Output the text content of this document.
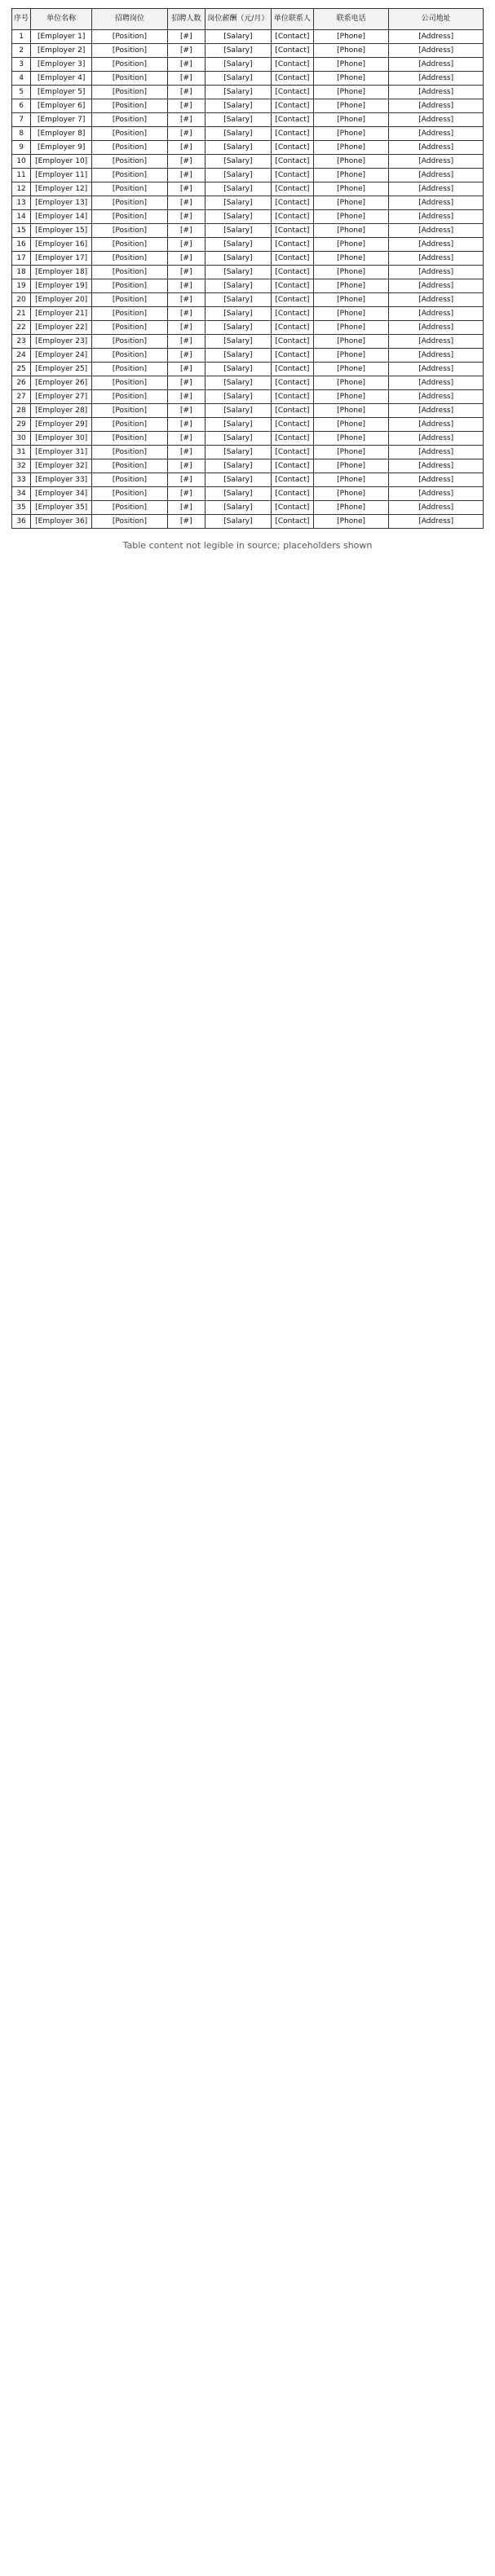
序号	单位名称	招聘岗位	招聘人数	岗位薪酬（元/月）	单位联系人	联系电话	公司地址
1	[Employer 1]	[Position]	[#]	[Salary]	[Contact]	[Phone]	[Address]
2	[Employer 2]	[Position]	[#]	[Salary]	[Contact]	[Phone]	[Address]
3	[Employer 3]	[Position]	[#]	[Salary]	[Contact]	[Phone]	[Address]
4	[Employer 4]	[Position]	[#]	[Salary]	[Contact]	[Phone]	[Address]
5	[Employer 5]	[Position]	[#]	[Salary]	[Contact]	[Phone]	[Address]
6	[Employer 6]	[Position]	[#]	[Salary]	[Contact]	[Phone]	[Address]
7	[Employer 7]	[Position]	[#]	[Salary]	[Contact]	[Phone]	[Address]
8	[Employer 8]	[Position]	[#]	[Salary]	[Contact]	[Phone]	[Address]
9	[Employer 9]	[Position]	[#]	[Salary]	[Contact]	[Phone]	[Address]
10	[Employer 10]	[Position]	[#]	[Salary]	[Contact]	[Phone]	[Address]
11	[Employer 11]	[Position]	[#]	[Salary]	[Contact]	[Phone]	[Address]
12	[Employer 12]	[Position]	[#]	[Salary]	[Contact]	[Phone]	[Address]
13	[Employer 13]	[Position]	[#]	[Salary]	[Contact]	[Phone]	[Address]
14	[Employer 14]	[Position]	[#]	[Salary]	[Contact]	[Phone]	[Address]
15	[Employer 15]	[Position]	[#]	[Salary]	[Contact]	[Phone]	[Address]
16	[Employer 16]	[Position]	[#]	[Salary]	[Contact]	[Phone]	[Address]
17	[Employer 17]	[Position]	[#]	[Salary]	[Contact]	[Phone]	[Address]
18	[Employer 18]	[Position]	[#]	[Salary]	[Contact]	[Phone]	[Address]
19	[Employer 19]	[Position]	[#]	[Salary]	[Contact]	[Phone]	[Address]
20	[Employer 20]	[Position]	[#]	[Salary]	[Contact]	[Phone]	[Address]
21	[Employer 21]	[Position]	[#]	[Salary]	[Contact]	[Phone]	[Address]
22	[Employer 22]	[Position]	[#]	[Salary]	[Contact]	[Phone]	[Address]
23	[Employer 23]	[Position]	[#]	[Salary]	[Contact]	[Phone]	[Address]
24	[Employer 24]	[Position]	[#]	[Salary]	[Contact]	[Phone]	[Address]
25	[Employer 25]	[Position]	[#]	[Salary]	[Contact]	[Phone]	[Address]
26	[Employer 26]	[Position]	[#]	[Salary]	[Contact]	[Phone]	[Address]
27	[Employer 27]	[Position]	[#]	[Salary]	[Contact]	[Phone]	[Address]
28	[Employer 28]	[Position]	[#]	[Salary]	[Contact]	[Phone]	[Address]
29	[Employer 29]	[Position]	[#]	[Salary]	[Contact]	[Phone]	[Address]
30	[Employer 30]	[Position]	[#]	[Salary]	[Contact]	[Phone]	[Address]
31	[Employer 31]	[Position]	[#]	[Salary]	[Contact]	[Phone]	[Address]
32	[Employer 32]	[Position]	[#]	[Salary]	[Contact]	[Phone]	[Address]
33	[Employer 33]	[Position]	[#]	[Salary]	[Contact]	[Phone]	[Address]
34	[Employer 34]	[Position]	[#]	[Salary]	[Contact]	[Phone]	[Address]
35	[Employer 35]	[Position]	[#]	[Salary]	[Contact]	[Phone]	[Address]
36	[Employer 36]	[Position]	[#]	[Salary]	[Contact]	[Phone]	[Address]
Table content not legible in source; placeholders shown
